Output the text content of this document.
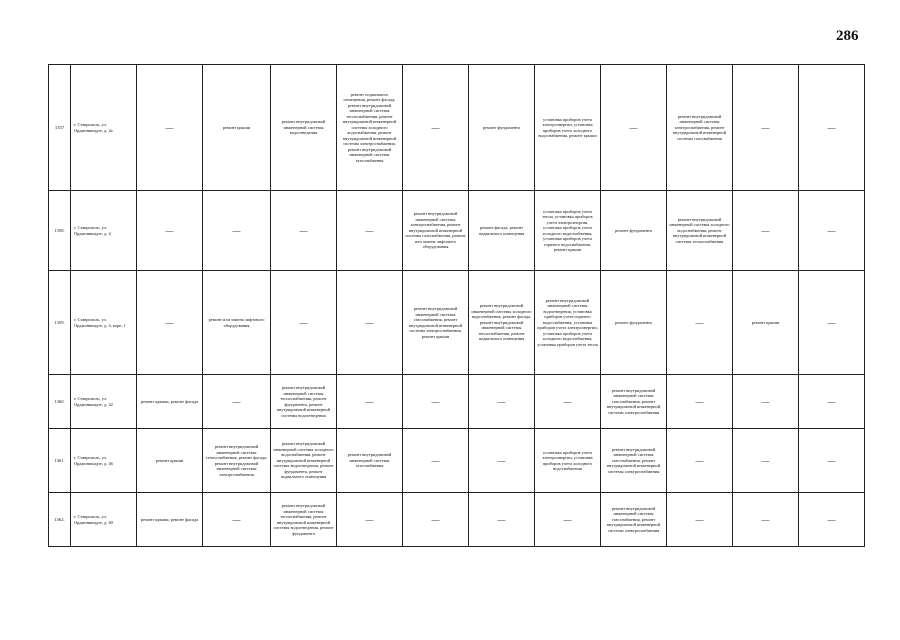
286
1357	г. Ставрополь, ул. Орджоникидзе, д. 2а	—	ремонт крыши	ремонт внутридомовой инженерной системы водоотведения	ремонт подвального помещения, ремонт фасада, ремонт внутридомовой инженерной системы теплоснабжения, ремонт внутридомовой инженерной системы холодного водоснабжения, ремонт внутридомовой инженерной системы электроснабжения, ремонт внутридомовой инженерной системы газоснабжения	—	ремонт фундамента	установка приборов учета электроэнергии, установка приборов учета холодного водоснабжения, ремонт крыши	—	ремонт внутридомовой инженерной системы электроснабжения, ремонт внутридомовой инженерной системы газоснабжения	—	—
1358.	г. Ставрополь, ул. Орджоникидзе, д. 4	—	—	—	—	ремонт внутридомовой инженерной системы электроснабжения, ремонт внутридомовой инженерной системы газоснабжения, ремонт или замена лифтового оборудования	ремонт фасада, ремонт подвального помещения	установка приборов учета тепла, установка приборов учета электроэнергии, установка приборов учета холодного водоснабжения, установка приборов учета горячего водоснабжения, ремонт крыши	ремонт фундамента	ремонт внутридомовой инженерной системы холодного водоснабжения, ремонт внутридомовой инженерной системы теплоснабжения	—	—
1359.	г. Ставрополь, ул. Орджоникидзе, д. 4, корп. 1	—	ремонт или замена лифтового оборудования	—	—	ремонт внутридомовой инженерной системы газоснабжения, ремонт внутридомовой инженерной системы электроснабжения, ремонт крыши	ремонт внутридомовой инженерной системы холодного водоснабжения, ремонт фасада, ремонт внутридомовой инженерной системы теплоснабжения, ремонт подвального помещения	ремонт внутридомовой инженерной системы водоотведения, установка приборов учета горячего водоснабжения, установка приборов учета электроэнергии, установка приборов учета холодного водоснабжения, установка приборов учета тепла	ремонт фундамента	—	ремонт крыши	—
1360.	г. Ставрополь, ул. Орджоникидзе, д. 42	ремонт крыши, ремонт фасада	—	ремонт внутридомовой инженерной системы теплоснабжения, ремонт фундамента, ремонт внутридомовой инженерной системы водоотведения	—	—	—	—	ремонт внутридомовой инженерной системы газоснабжения, ремонт внутридомовой инженерной системы электроснабжения	—	—	—
1361.	г. Ставрополь, ул. Орджоникидзе, д. 46	ремонт крыши	ремонт внутридомовой инженерной системы теплоснабжения, ремонт фасада, ремонт внутридомовой инженерной системы электроснабжения	ремонт внутридомовой инженерной системы холодного водоснабжения, ремонт внутридомовой инженерной системы водоотведения, ремонт фундамента, ремонт подвального помещения	ремонт внутридомовой инженерной системы газоснабжения	—	—	установка приборов учета электроэнергии, установка приборов учета холодного водоснабжения	ремонт внутридомовой инженерной системы газоснабжения, ремонт внутридомовой инженерной системы электроснабжения	—	—	—
1362.	г. Ставрополь, ул. Орджоникидзе, д. 60	ремонт крыши, ремонт фасада	—	ремонт внутридомовой инженерной системы теплоснабжения, ремонт внутридомовой инженерной системы водоотведения, ремонт фундамента	—	—	—	—	ремонт внутридомовой инженерной системы газоснабжения, ремонт внутридомовой инженерной системы электроснабжения	—	—	—
